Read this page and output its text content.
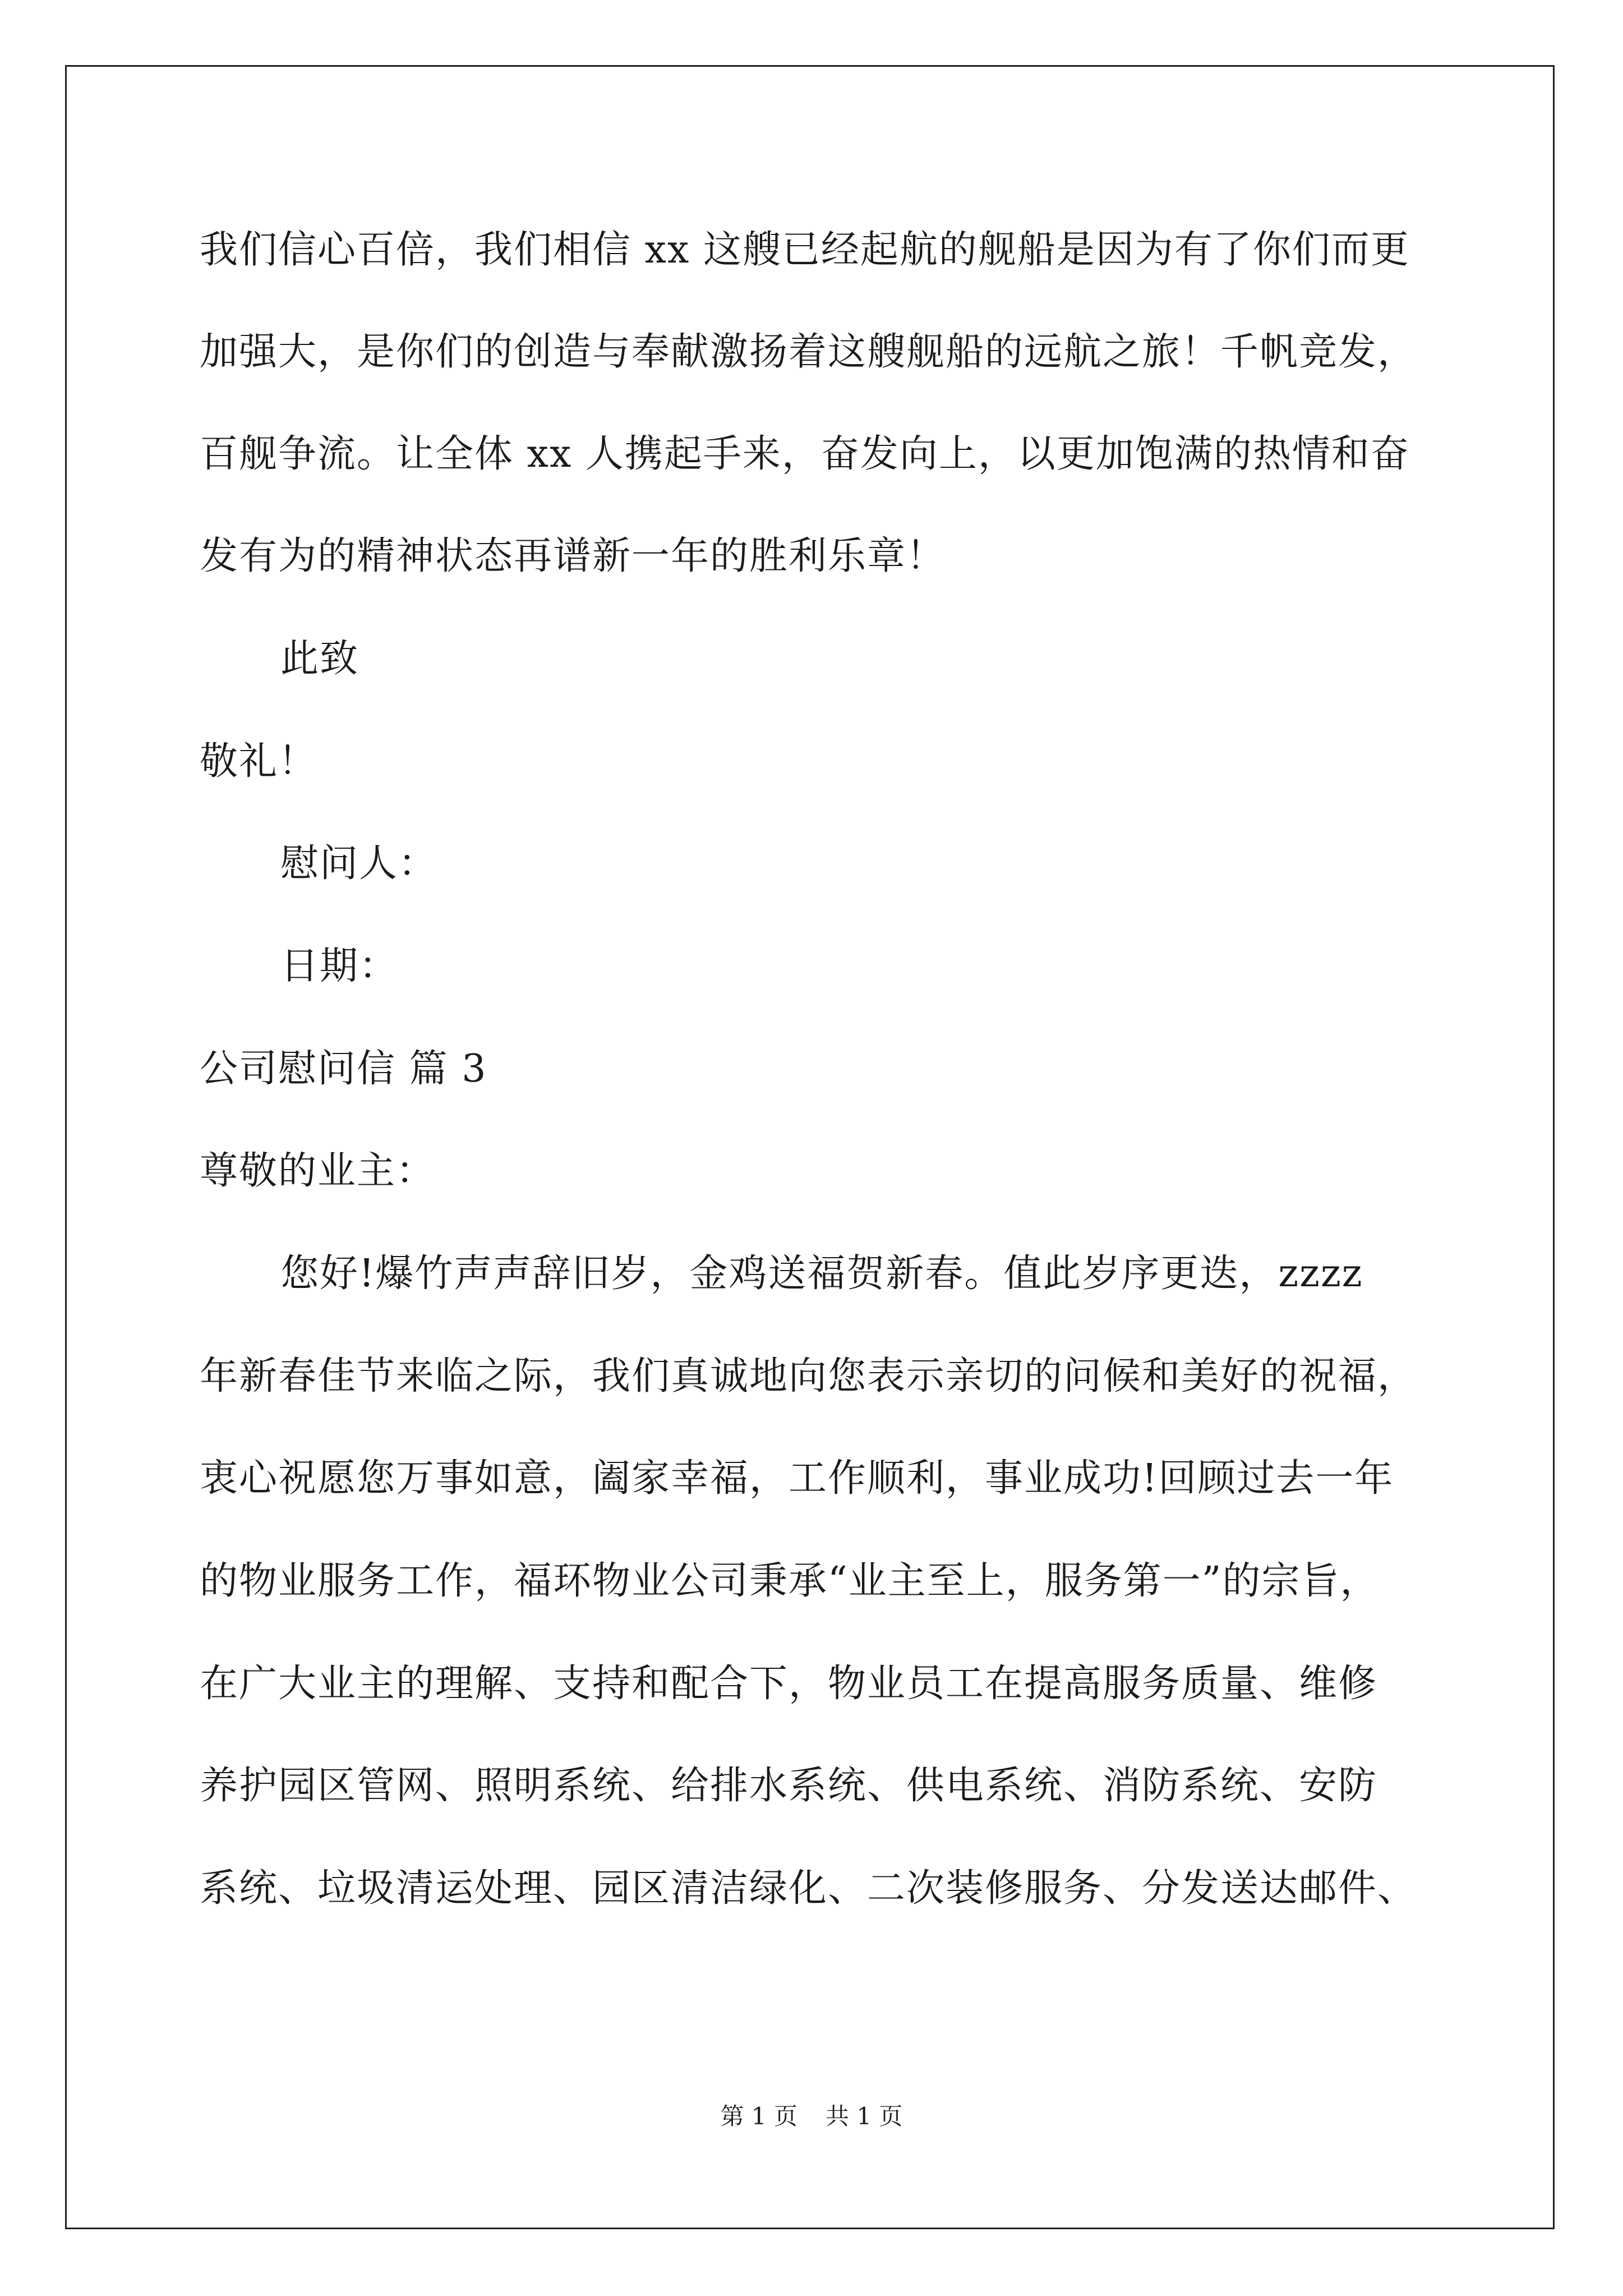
我们信心百倍，我们相信 xx 这艘已经起航的舰船是因为有了你们而更
加强大，是你们的创造与奉献激扬着这艘舰船的远航之旅！千帆竞发，
百舰争流。让全体 xx 人携起手来，奋发向上，以更加饱满的热情和奋
发有为的精神状态再谱新一年的胜利乐章！
此致
敬礼！
慰问人：
日期：
公司慰问信 篇 3
尊敬的业主：
您好!爆竹声声辞旧岁，金鸡送福贺新春。值此岁序更迭，zzzz
年新春佳节来临之际，我们真诚地向您表示亲切的问候和美好的祝福，
衷心祝愿您万事如意，阖家幸福，工作顺利，事业成功!回顾过去一年
的物业服务工作，福环物业公司秉承“业主至上，服务第一”的宗旨，
在广大业主的理解、支持和配合下，物业员工在提高服务质量、维修
养护园区管网、照明系统、给排水系统、供电系统、消防系统、安防
系统、垃圾清运处理、园区清洁绿化、二次装修服务、分发送达邮件、
第 1 页 共 1 页
